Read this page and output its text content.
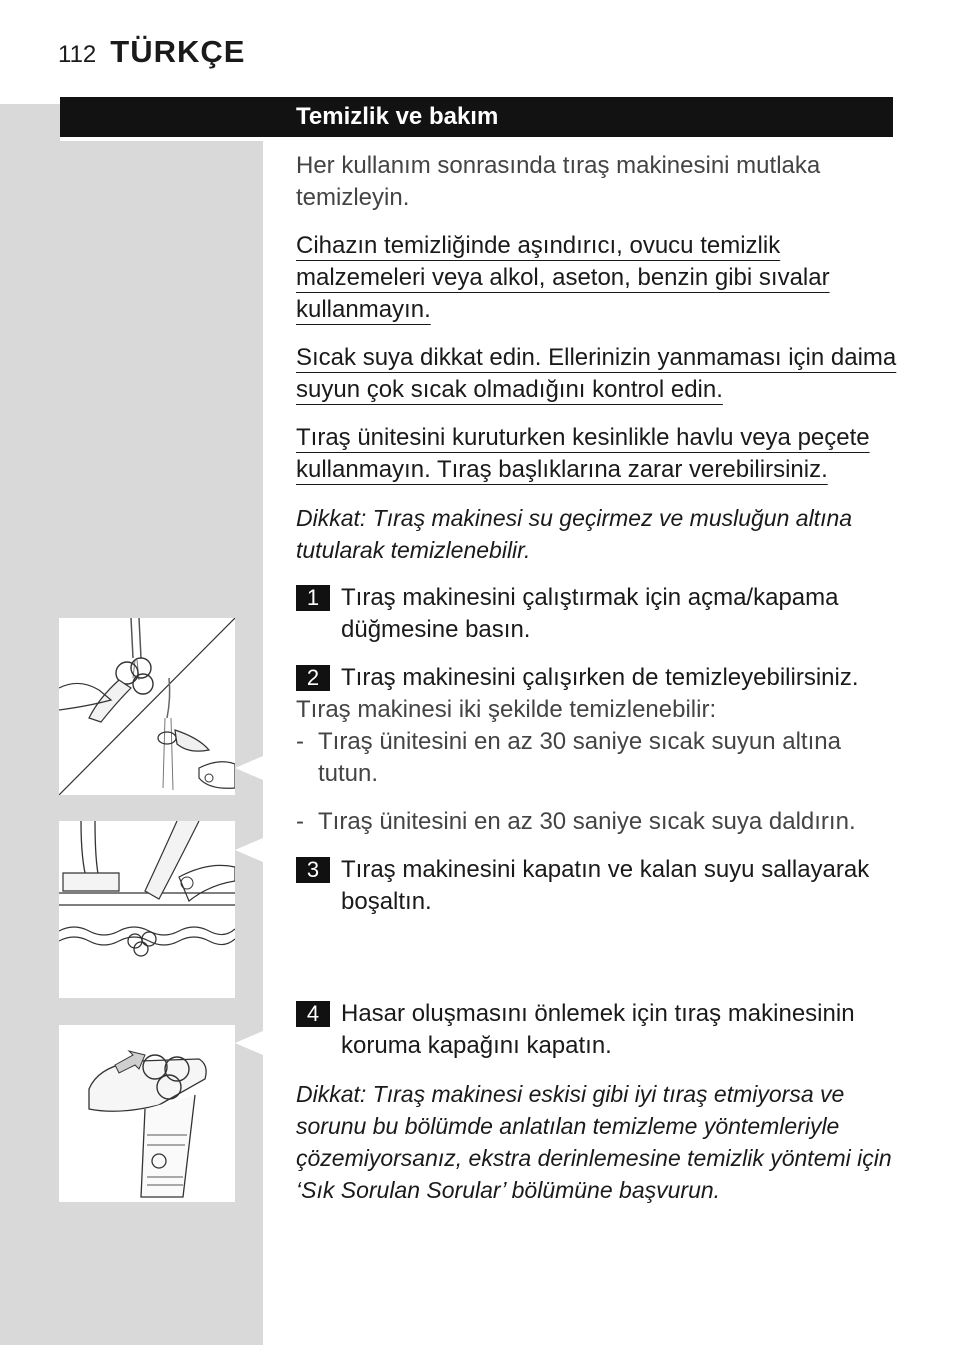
112 TÜRKÇE
Temizlik ve bakım

Her kullanım sonrasında tıraş makinesini mutlaka temizleyin.

Cihazın temizliğinde aşındırıcı, ovucu temizlik malzemeleri veya alkol, aseton, benzin gibi sıvalar kullanmayın.

Sıcak suya dikkat edin. Ellerinizin yanmaması için daima suyun çok sıcak olmadığını kontrol edin.

Tıraş ünitesini kuruturken kesinlikle havlu veya peçete kullanmayın. Tıraş başlıklarına zarar verebilirsiniz.

Dikkat: Tıraş makinesi su geçirmez ve musluğun altına tutularak temizlenebilir.

1 Tıraş makinesini çalıştırmak için açma/kapama düğmesine basın.
2 Tıraş makinesini çalışırken de temizleyebilirsiniz.

Tıraş makinesi iki şekilde temizlenebilir:

- Tıraş ünitesini en az 30 saniye sıcak suyun altına tutun.
- Tıraş ünitesini en az 30 saniye sıcak suya daldırın.
3 Tıraş makinesini kapatın ve kalan suyu sallayarak boşaltın.
4 Hasar oluşmasını önlemek için tıraş makinesinin koruma kapağını kapatın.

Dikkat: Tıraş makinesi eskisi gibi iyi tıraş etmiyorsa ve sorunu bu bölümde anlatılan temizleme yöntemleriyle çözemiyorsanız, ekstra derinlemesine temizlik yöntemi için ‘Sık Sorulan Sorular’ bölümüne başvurun.
